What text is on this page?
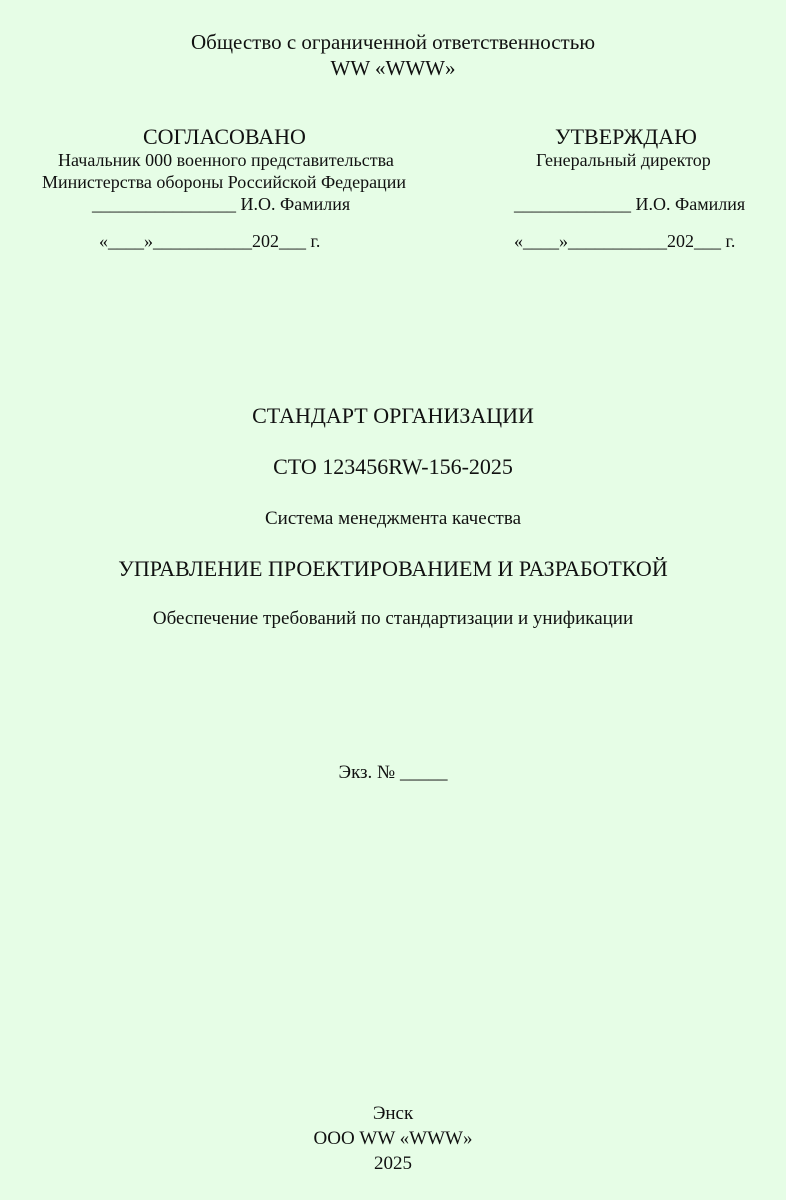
Общество с ограниченной ответственностью
WW «WWW»
СОГЛАСОВАНО
Начальник 000 военного представительства
Министерства обороны Российской Федерации
________________ И.О. Фамилия
«____»___________202___ г.
УТВЕРЖДАЮ
Генеральный директор
_____________ И.О. Фамилия
«____»___________202___ г.
СТАНДАРТ ОРГАНИЗАЦИИ
СТО 123456RW-156-2025
Система менеджмента качества
УПРАВЛЕНИЕ ПРОЕКТИРОВАНИЕМ И РАЗРАБОТКОЙ
Обеспечение требований по стандартизации и унификации
Экз. № _____
Энск
ООО WW «WWW»
2025
